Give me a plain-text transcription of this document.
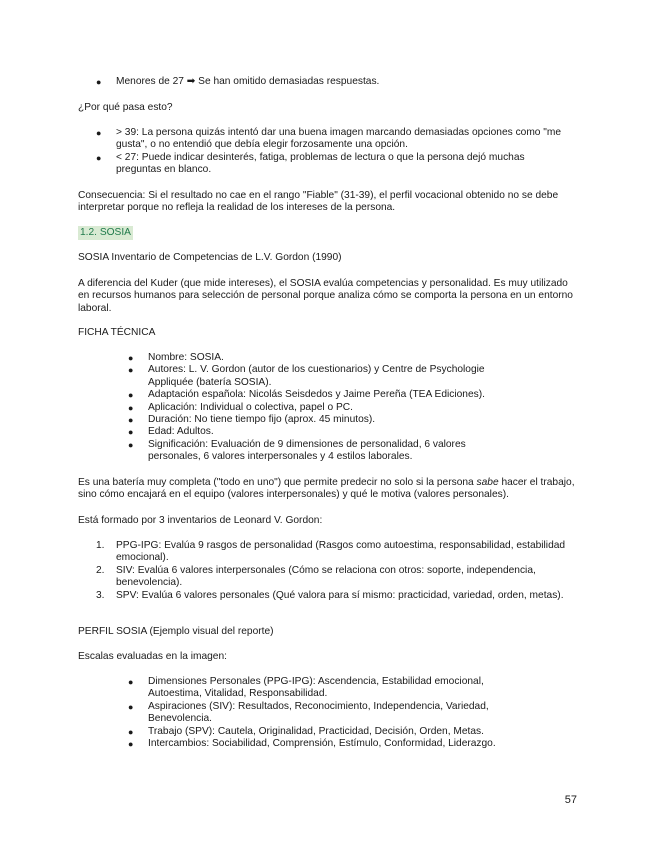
● Menores de 27 ➡ Se han omitido demasiadas respuestas.

¿Por qué pasa esto?

● > 39: La persona quizás intentó dar una buena imagen marcando demasiadas opciones como "me gusta", o no entendió que debía elegir forzosamente una opción.
● < 27: Puede indicar desinterés, fatiga, problemas de lectura o que la persona dejó muchas preguntas en blanco.

Consecuencia: Si el resultado no cae en el rango "Fiable" (31-39), el perfil vocacional obtenido no se debe interpretar porque no refleja la realidad de los intereses de la persona.

1.2. SOSIA

SOSIA Inventario de Competencias de L.V. Gordon (1990)

A diferencia del Kuder (que mide intereses), el SOSIA evalúa competencias y personalidad. Es muy utilizado en recursos humanos para selección de personal porque analiza cómo se comporta la persona en un entorno laboral.

FICHA TÉCNICA

● Nombre: SOSIA.
● Autores: L. V. Gordon (autor de los cuestionarios) y Centre de Psychologie Appliquée (batería SOSIA).
● Adaptación española: Nicolás Seisdedos y Jaime Pereña (TEA Ediciones).
● Aplicación: Individual o colectiva, papel o PC.
● Duración: No tiene tiempo fijo (aprox. 45 minutos).
● Edad: Adultos.
● Significación: Evaluación de 9 dimensiones de personalidad, 6 valores personales, 6 valores interpersonales y 4 estilos laborales.

Es una batería muy completa ("todo en uno") que permite predecir no solo si la persona sabe hacer el trabajo, sino cómo encajará en el equipo (valores interpersonales) y qué le motiva (valores personales).

Está formado por 3 inventarios de Leonard V. Gordon:

1. PPG-IPG: Evalúa 9 rasgos de personalidad (Rasgos como autoestima, responsabilidad, estabilidad emocional).
2. SIV: Evalúa 6 valores interpersonales (Cómo se relaciona con otros: soporte, independencia, benevolencia).
3. SPV: Evalúa 6 valores personales (Qué valora para sí mismo: practicidad, variedad, orden, metas).

PERFIL SOSIA (Ejemplo visual del reporte)

Escalas evaluadas en la imagen:

● Dimensiones Personales (PPG-IPG): Ascendencia, Estabilidad emocional, Autoestima, Vitalidad, Responsabilidad.
● Aspiraciones (SIV): Resultados, Reconocimiento, Independencia, Variedad, Benevolencia.
● Trabajo (SPV): Cautela, Originalidad, Practicidad, Decisión, Orden, Metas.
● Intercambios: Sociabilidad, Comprensión, Estímulo, Conformidad, Liderazgo.
57
